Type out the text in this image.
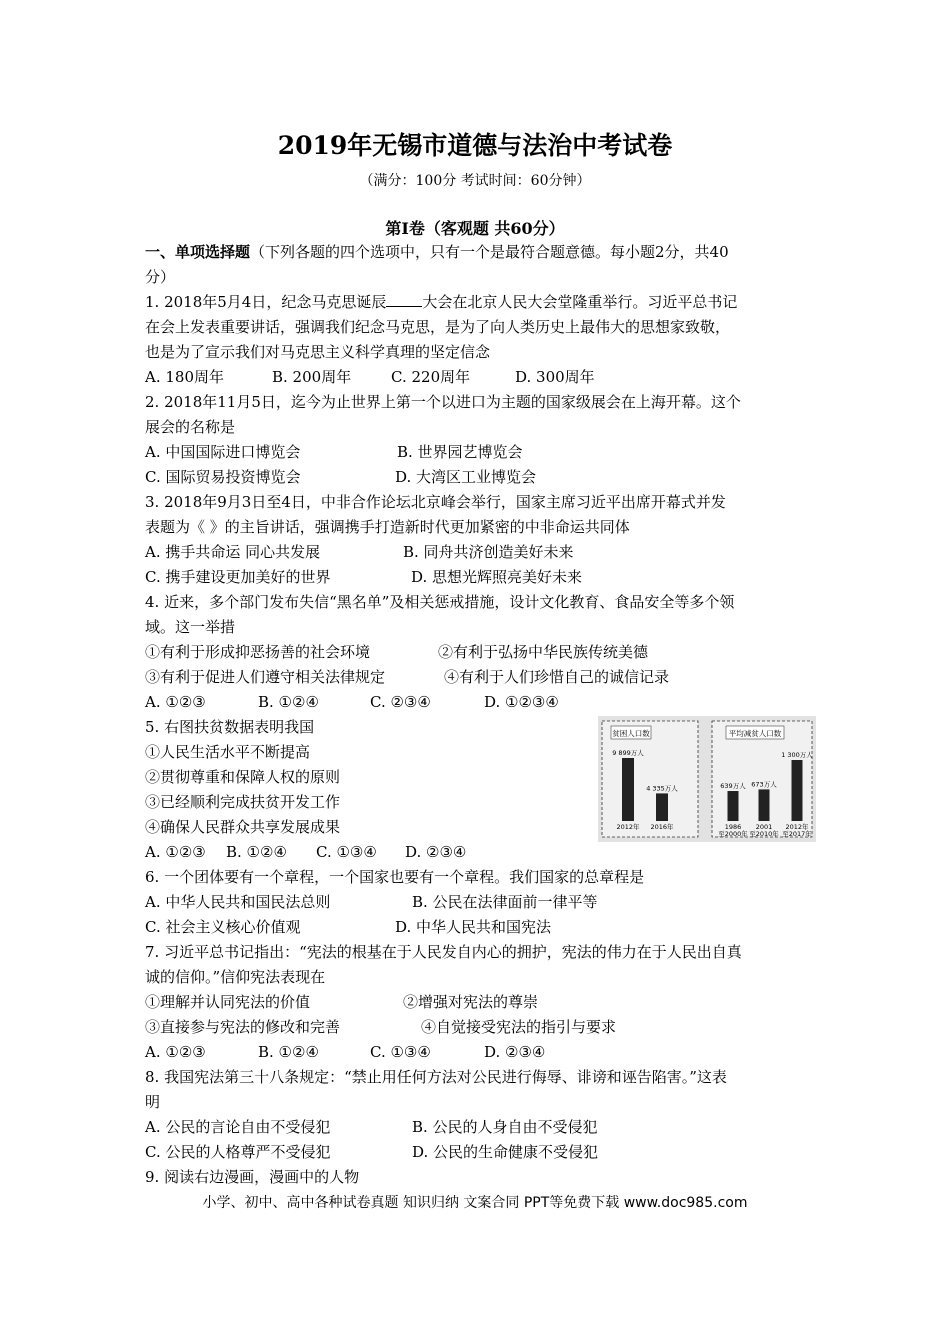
2019年无锡市道德与法治中考试卷
（满分：100分 考试时间：60分钟）
第I卷（客观题 共60分）
一、单项选择题（下列各题的四个选项中，只有一个是最符合题意德。每小题2分，共40
分）
1. 2018年5月4日，纪念马克思诞辰 大会在北京人民大会堂隆重举行。习近平总书记
在会上发表重要讲话，强调我们纪念马克思，是为了向人类历史上最伟大的思想家致敬，
也是为了宣示我们对马克思主义科学真理的坚定信念
A. 180周年	B. 200周年	C. 220周年	D. 300周年
2. 2018年11月5日，迄今为止世界上第一个以进口为主题的国家级展会在上海开幕。这个
展会的名称是
A. 中国国际进口博览会	B. 世界园艺博览会
C. 国际贸易投资博览会	D. 大湾区工业博览会
3. 2018年9月3日至4日，中非合作论坛北京峰会举行，国家主席习近平出席开幕式并发
表题为《 》的主旨讲话，强调携手打造新时代更加紧密的中非命运共同体
A. 携手共命运 同心共发展	B. 同舟共济创造美好未来
C. 携手建设更加美好的世界	D. 思想光辉照亮美好未来
4. 近来，多个部门发布失信“黑名单”及相关惩戒措施，设计文化教育、食品安全等多个领
域。这一举措
①有利于形成抑恶扬善的社会环境	②有利于弘扬中华民族传统美德
③有利于促进人们遵守相关法律规定	④有利于人们珍惜自己的诚信记录
A. ①②③	B. ①②④	C. ②③④	D. ①②③④
5. 右图扶贫数据表明我国
①人民生活水平不断提高
②贯彻尊重和保障人权的原则
③已经顺利完成扶贫开发工作
④确保人民群众共享发展成果
A. ①②③ B. ①②④ C. ①③④ D. ②③④
贫困人口数	平均减贫人口数
9 899万人
2012年
4 335万人
2016年
639万人
1986
至2000年
673万人
2001
至2010年
1 300万人
2012年
至2017年
6. 一个团体要有一个章程，一个国家也要有一个章程。我们国家的总章程是
A. 中华人民共和国民法总则	B. 公民在法律面前一律平等
C. 社会主义核心价值观	D. 中华人民共和国宪法
7. 习近平总书记指出：“宪法的根基在于人民发自内心的拥护，宪法的伟力在于人民出自真
诚的信仰。”信仰宪法表现在
①理解并认同宪法的价值	②增强对宪法的尊崇
③直接参与宪法的修改和完善	④自觉接受宪法的指引与要求
A. ①②③	B. ①②④	C. ①③④	D. ②③④
8. 我国宪法第三十八条规定：“禁止用任何方法对公民进行侮辱、诽谤和诬告陷害。”这表
明
A. 公民的言论自由不受侵犯	B. 公民的人身自由不受侵犯
C. 公民的人格尊严不受侵犯	D. 公民的生命健康不受侵犯
9. 阅读右边漫画，漫画中的人物
小学、初中、高中各种试卷真题 知识归纳 文案合同 PPT等免费下载 www.doc985.com
